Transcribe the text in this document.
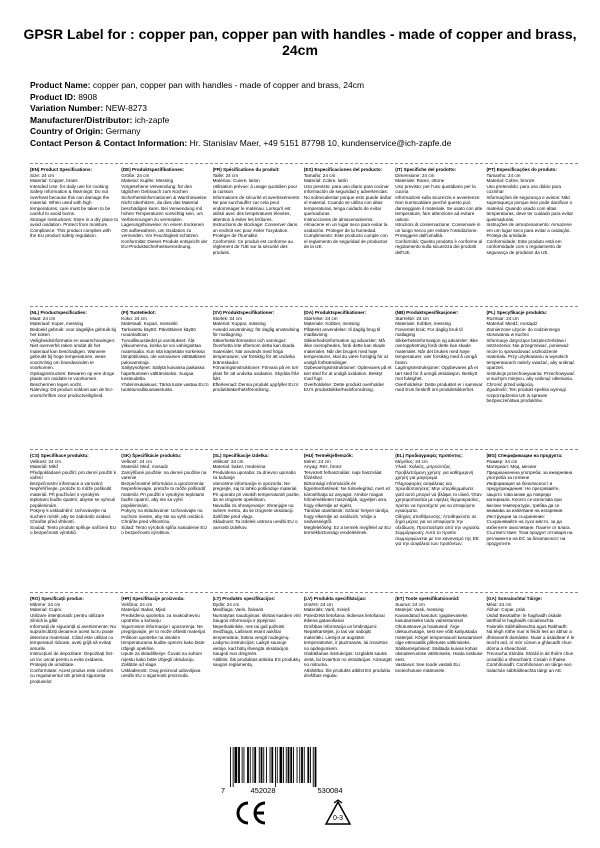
GPSR Label for : copper pan, copper pan with handles - made of copper and brass, 24cm
Product Name: copper pan, copper pan with handles - made of copper and brass, 24cm
Product ID: 8908
Variation Number: NEW-8273
Manufacturer/Distributor: ich-zapfe
Country of Origin: Germany
Contact Person & Contact Information: Hr. Stanislav Maer, +49 5151 87798 10, kundenservice@ich-zapfe.de
(EN) Product Specifications:
Size: 24 cm
Material: Copper, brass
Intended Use: for daily use for cooking
Safety Information & Warnings: Do not overheat because this can damage the material. When used with high temperatures, care must be taken to be careful to avoid burns.
Storage Instructions: Store in a dry place to avoid oxidation. Protect from moisture.
Compliance: This product complies with the EU product safety regulation.
(DE) Produktspezifikationen:
Größe: 24 cm
Material: Kupfer, Messing
Vorgesehene Verwendung: für den täglichen Gebrauch zum Kochen
Sicherheitsinformationen & Warnhinweise: Nicht überhitzen, da dies das Material beschädigen kann. Bei Verwendung mit hohen Temperaturen vorsichtig sein, um Verbrennungen zu vermeiden.
Lagerungshinweise: An einem trockenen Ort aufbewahren, um Oxidation zu vermeiden. Vor Feuchtigkeit schützen.
Konformität: Dieses Produkt entspricht der EU-Produktsicherheitsverordnung.
(FR) Spécifications du produit:
Taille: 24 cm
Matériau: Cuivre, laiton
Utilisation prévue: à usage quotidien pour la cuisson
Informations de sécurité et avertissements: Ne pas surchauffer car cela peut endommager le matériau. Lorsqu'il est utilisé avec des températures élevées, attention à éviter les brûlures.
Instructions de stockage: Conserver dans un endroit sec pour éviter l'oxydation. Protéger de l'humidité.
Conformité: Ce produit est conforme au règlement de l'UE sur la sécurité des produits.
(ES) Especificaciones del producto:
Tamaño: 24 cm
Material: Cobre, latón
Uso previsto: para uso diario para cocinar
Información de seguridad y advertencias: No sobrecalentar porque esto puede dañar el material. Cuando se utiliza con altas temperaturas, tenga cuidado de evitar quemaduras.
Instrucciones de almacenamiento: Almacene en un lugar seco para evitar la oxidación. Proteger de la humedad.
Cumplimiento: Este producto cumple con el reglamento de seguridad de productos de la UE.
(IT) Specifiche del prodotto:
Dimensione: 24 cm
Materiale: Rame, ottone
Uso previsto: per l'uso quotidiano per la cucina
Informazioni sulla sicurezza e avvertenze: Non surriscaldare perché questo può danneggiare il materiale. Se usato con alte temperature, fare attenzione ad evitare ustioni.
Istruzioni di conservazione: Conservare in un luogo secco per evitare l'ossidazione. Proteggere dall'umidità.
Conformità: Questo prodotto è conforme al regolamento sulla sicurezza dei prodotti dell'UE.
(PT) Especificações do produto:
Tamanho: 24 cm
Material: Cobre, bronze
Uso pretendido: para uso diário para cozinhar
Informações de segurança e avisos: Não superaqueça porque isso pode danificar o material. Quando usado com altas temperaturas, deve ter cuidado para evitar queimaduras.
Instruções de armazenamento: Armazene em um lugar seco para evitar a oxidação. Proteja da umidade.
Conformidade: Este produto está em conformidade com o regulamento de segurança de produtos da UE.
(NL) Productspecificaties:
Maat: 24 cm
Materiaal: Koper, messing
Bedoeld gebruik: voor dagelijks gebruik bij het koken
Veiligheidsinformatie en waarschuwingen: Niet oververhit raken omdat dit het materiaal kan beschadigen. Wanneer gebruikt bij hoge temperaturen, wees voorzichtig om brandwonden te voorkomen.
Opslaginstructies: Bewaren op een droge plaats om oxidatie te voorkomen. Beschermen tegen vocht.
Naleving: Dit product voldoet aan de EU-voorschriften voor productveiligheid.
(FI) Tuotetiedot:
Koko: 24 cm
Materiaali: Kupari, messinki
Tarkoitettu käyttö: Päivittäinen käyttö ruoanlaittoon
Turvallisuustiedot ja varoitukset: Älä ylikuumenna, koska se voi vahingoittaa materiaalia. Kun sitä käytetään korkeissa lämpötiloissa, ole varovainen välttääksesi palovammoja.
Säilytysohjeet: Säilytä kuivassa paikassa hapettumisen välttämiseksi. Suojaa kosteudelta.
Yhdenmukaisuus: Tämä tuote vastaa EU:n tuoteturvallisuusasetusta.
(SV) Produktspecifikationer:
Storlek: 24 cm
Material: Koppar, mässing
Avsedd användning: för daglig användning för matlagning
Säkerhetsinformation och varningar: Överhetta inte eftersom detta kan skada materialet. När används med höga temperaturer, var försiktig för att undvika brännskador.
Förvaringsinstruktioner: Förvara på en torr plats för att undvika oxidation. Skydda från fukt.
Efterlevnad: Denna produkt uppfyller EU:s produktsäkerhetsförordning.
(DA) Produktspecifikationer:
Størrelse: 24 cm
Materiale: Kobber, messing
Påtænkt anvendelse: til daglig brug til madlavning
Sikkerhedsinformation og advarsler: Må ikke overophedes, fordi dette kan skade materialet. Når det bruges med høje temperaturer, skal du være forsigtig for at undgå forbrændinger.
Opbevaringsinstruktioner: Opbevares på et tørt sted for at undgå oxidation. Beskyt mod fugt.
Overholdelse: Dette produkt overholder EU's produktsikkerhedsforordning.
(NB) Produktspesifikasjoner:
Størrelse: 24 cm
Materiale: Kobber, messing
Forventet bruk: For daglig bruk til matlaging
Sikkerhetsinformasjon og advarsler: Ikke overopphetning fordi dette kan skade materialet. Når det brukes med høye temperaturer, vær forsiktig med å unngå brann.
Lagringsinstruksjoner: Oppbevares på et tørt sted for å unngå oksidasjon. Beskytt mot fuktighet.
Overholdelse: Dette produktet er i samsvar med EUs forskrift om produktsikkerhet.
(PL) Specyfikacje produktu:
Rozmiar: 24 cm
Materiał: Miedź, mosiądz
Zamierzone użycie: do codziennego stosowania w kuchni
Informacje dotyczące bezpieczeństwa i ostrzeżenia: Nie przegrzewać, ponieważ może to spowodować uszkodzenie materiału. Przy użytkowaniu w wysokich temperaturach należy uważać, aby uniknąć oparzeń.
Instrukcje przechowywania: Przechowywać w suchym miejscu, aby uniknąć utleniania. Chronić przed wilgocią.
Zgodność: Ten produkt spełnia wymogi rozporządzenia UE w sprawie bezpieczeństwa produktów.
(CS) Specifikace produktu:
Velikost: 24 cm
Materiál: Měď
Předpokládané použití: pro denní použití k vaření
Bezpečnostní informace a varování: Nepřehřívejte, protože to může poškodit materiál. Při používání s vysokými teplotami buďte opatrní, abyste se vyhnuli popáleninám.
Pokyny k uskladnění: Uchovávejte na suchém místě, aby se zabránilo oxidaci. Chraňte před vlhkostí.
Soulad: Tento produkt splňuje nařízení EU o bezpečnosti výrobků.
(SK) Špecifikácie produktu:
Veľkosť: 24 cm
Materiál: Meď, mosadz
Zamýšľané použitie: na denné použitie na varenie
Bezpečnostné informácie a upozornenia: Neprehrievajte, pretože to môže poškodiť materiál. Pri použití s vysokými teplotami buďte opatrní, aby ste sa vyhli popáleninám.
Pokyny na skladovanie: Uchovávajte na suchom mieste, aby ste sa vyhli oxidácii. Chráňte pred vlhkosťou.
Súlad: Tento výrobok spĺňa nariadenie EÚ o bezpečnosti výrobkov.
(SL) Specifikacije izdelka:
Velikost: 24 cm
Material: baker, medenina
Predvidena uporaba: za dnevno uporabo za kuhanje
Varnostne informacije in opozorila: Ne pregrejte, saj to lahko poškoduje material. Pri uporabi pri visokih temperaturah pazite, da se izognete opeklinam.
Navodila za shranjevanje: Shranjujte na suhem mestu, da se izognete oksidaciji. Zaščitite pred vlago.
Skladnost: Ta izdelek ustreza uredbi EU o varnosti izdelkov.
(HU) Termékjellemzők:
Méret: 24 cm
Anyag: Réz, bronz
Tervezett felhasználás: napi használat főzéshez
Biztonsági információk és figyelmeztetések: Ne túlmelegítsd, mert ez károsíthatja az anyagot. Amikor magas hőmérsékleten használják, ügyeljen arra, hogy elkerülje az égést.
Tárolási utasítások: Száraz helyen tárolja, hogy elkerülje az oxidációt. Védje a nedvességtől.
Megfelelőség: Ez a termék megfelel az EU termékbiztonsági rendeletének.
(EL) Προδιαγραφές προϊόντος:
Μέγεθος: 24 cm
Υλικό: Χαλκός, μπρούντζος
Προβλεπόμενη χρήση: για καθημερινή χρήση για μαγείρεμα
Πληροφορίες ασφάλειας και προειδοποιήσεις: Μην υπερθερμαίνετε γιατί αυτό μπορεί να βλάψει το υλικό. Όταν χρησιμοποιείται με υψηλές θερμοκρασίες, πρέπει να προσέχετε για να αποφύγετε εγκαύματα.
Οδηγίες αποθήκευσης: Αποθηκεύστε σε ξηρό μέρος για να αποφύγετε την οξείδωση. Προστατέψτε από την υγρασία.
Συμμόρφωση: Αυτό το προϊόν συμμορφώνεται με τον κανονισμό της ΕΕ για την ασφάλεια των προϊόντων.
(BG) Спецификации на продукта:
Размер: 24 cm
Материал: Мед, месинг
Предназначена употреба: за ежедневна употреба за готвене
Информация за безопасност и предупреждения: Не прегрявайте, защото това може да повреди материала. Когато се използва при високи температури, трябва да се внимава за избягване на изгаряния.
Инструкции за съхранение: Съхранявайте на сухо място, за да избегнете окисляване. Пазете от влага.
Съответствие: Този продукт отговаря на регламента на ЕС за безопасност на продуктите.
(RO) Specificații produs:
Mărime: 24 cm
Material: Cupru
Utilizare intenționată: pentru utilizare zilnică la gătit
Informații de siguranță și avertismente: Nu supraîncălziți deoarece acest lucru poate deteriora materialul. Când este utilizat cu temperaturi ridicate, aveți grijă să evitați arsurile.
Instrucțiuni de depozitare: Depozitați într-un loc uscat pentru a evita oxidarea. Protejați de umiditate.
Conformitate: Acest produs este conform cu regulamentul UE privind siguranța produselor.
(HR) Specifikacije proizvoda:
Veličina: 24 cm
Materijal: Bakar, Mjed
Predviđena upotreba: za svakodnevnu upotrebu u kuhanju
Sigurnosne informacije i upozorenja: Ne pregrijavajte, jer to može oštetiti materijal. Prilikom upotrebe na visokim temperaturama budite oprezni kako biste izbjegli opekline.
Upute za skladištenje: Čuvati na suhom mjestu kako biste izbjegli oksidaciju. Zaštitite od vlage.
Usklađenost: Ovaj proizvod udovoljava uredbi EU o sigurnosti proizvoda.
(LT) Produkto specifikacijos:
Dydis: 24 cm
Medžiaga: Varis, žalvaris
Numatytas naudojimas: skirtas kasdien virti
Saugos informacija ir įspėjimai: Neperkaitinkite, nes tai gali pažeisti medžiagą. Lašinant esant aukštai temperatūrai, būtina vengti nudegimų.
Laikymo instrukcijos: Laikyti sausoje vietoje, kad būtų išvengta oksidacijos. Saugoti nuo drėgmės.
Atitiktis: Šis produktas atitinka ES produktų saugos reglamentą.
(LV) Produkta specifikācijas:
Izmērs: 24 cm
Materiāls: Varš, misiņš
Paredzētā lietošana: ikdienas lietošanai ēdiena gatavošanai
Drošības informācija un brīdinājumi: Nepārkarsējiet, jo tas var sabojāt materiālu. Lietojot ar augstām temperatūrām, ir jāuzmanās, lai izvairītos no apdegumiem.
Glabāšanas instrukcijas: Uzglabāt sausā vietā, lai izvairītos no oksidācijas. Aizsargāt no mitruma.
Atbilstība: Šis produkts atbilst ES produktu drošības regulai.
(ET) Toote spetsifikatsioonid:
Suurus: 24 cm
Materjal: Vask, messing
Kavandatud kasutus: igapäevaseks kasutamiseks toidu valmistamisel
Ohutusteave ja hoiatused: Ärge ülekuumutage, sest see võib kahjustada materjali. Kõrgel temperatuuril kasutamisel olge ettevaatlik põletuste vältimiseks.
Säilitamisjuhised: Säilitada kuivas kohas oksüdeerumise vältimiseks. Hoida niiskuse eest.
Vastavus: See toode vastab ELi tooteohutuse määrusele.
(GA) Sonraíochtaí Táirge:
Méid: 24 cm
Ábhar: Copar, prás
Úsáid Beartaithe: le haghaidh úsáide laethúil le haghaidh cócaireachta
Faisnéis Sábháilteachta agus Rabhadh: Ná téigh róthe mar is féidir leis an ábhar a dhéanamh damáiste. Nuair a úsáidtear é le teocht ard, ní mór cúram a ghlacadh chun dónna a sheachaint.
Treoracha Stórála: Stóráil in áit thirim chun ocsaídiú a sheachaint. Cosain ó thaise.
Comhlíonadh: Comhlíonann an táirge seo rialachán sábháilteachta táirgí an AE.
7	452028	530084
0-3
